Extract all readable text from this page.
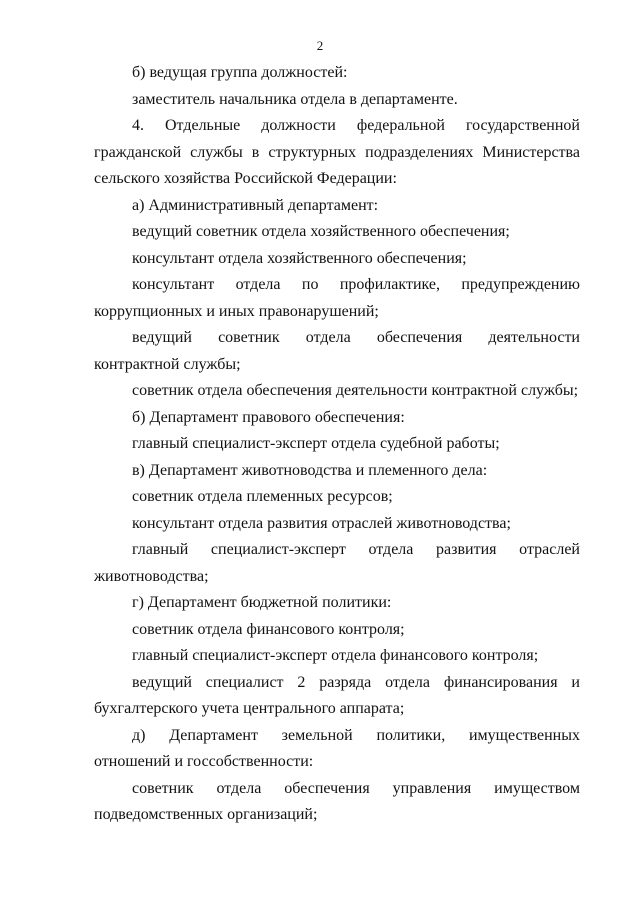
2

б) ведущая группа должностей:

заместитель начальника отдела в департаменте.

4. Отдельные должности федеральной государственной гражданской службы в структурных подразделениях Министерства сельского хозяйства Российской Федерации:

а) Административный департамент:

ведущий советник отдела хозяйственного обеспечения;

консультант отдела хозяйственного обеспечения;

консультант отдела по профилактике, предупреждению коррупционных и иных правонарушений;

ведущий советник отдела обеспечения деятельности контрактной службы;

советник отдела обеспечения деятельности контрактной службы;

б) Департамент правового обеспечения:

главный специалист-эксперт отдела судебной работы;

в) Департамент животноводства и племенного дела:

советник отдела племенных ресурсов;

консультант отдела развития отраслей животноводства;

главный специалист-эксперт отдела развития отраслей животноводства;

г) Департамент бюджетной политики:

советник отдела финансового контроля;

главный специалист-эксперт отдела финансового контроля;

ведущий специалист 2 разряда отдела финансирования и бухгалтерского учета центрального аппарата;

д) Департамент земельной политики, имущественных отношений и госсобственности:

советник отдела обеспечения управления имуществом подведомственных организаций;
